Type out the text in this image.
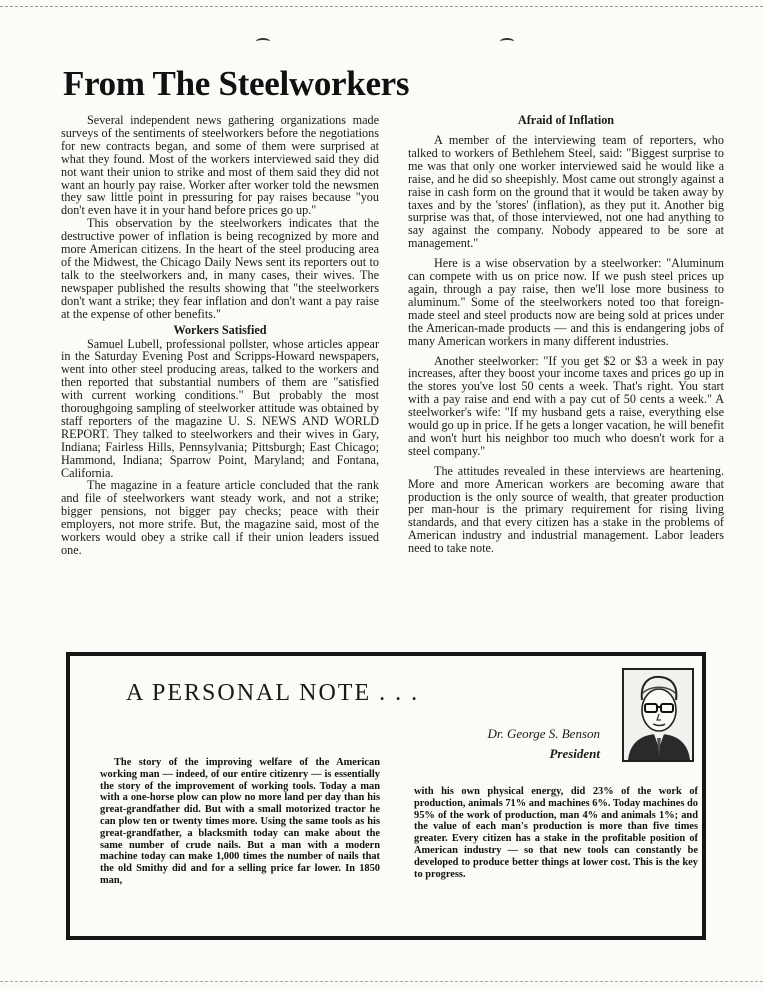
From The Steelworkers

Several independent news gathering organizations made surveys of the sentiments of steelworkers before the negotiations for new contracts began, and some of them were surprised at what they found. Most of the workers interviewed said they did not want their union to strike and most of them said they did not want an hourly pay raise. Worker after worker told the newsmen they saw little point in pressuring for pay raises because "you don't even have it in your hand before prices go up."

This observation by the steelworkers indicates that the destructive power of inflation is being recognized by more and more American citizens. In the heart of the steel producing area of the Midwest, the Chicago Daily News sent its reporters out to talk to the steelworkers and, in many cases, their wives. The newspaper published the results showing that "the steelworkers don't want a strike; they fear inflation and don't want a pay raise at the expense of other benefits."

Workers Satisfied

Samuel Lubell, professional pollster, whose articles appear in the Saturday Evening Post and Scripps-Howard newspapers, went into other steel producing areas, talked to the workers and then reported that substantial numbers of them are "satisfied with current working conditions." But probably the most thoroughgoing sampling of steelworker attitude was obtained by staff reporters of the magazine U. S. NEWS AND WORLD REPORT. They talked to steelworkers and their wives in Gary, Indiana; Fairless Hills, Pennsylvania; Pittsburgh; East Chicago; Hammond, Indiana; Sparrow Point, Maryland; and Fontana, California.

The magazine in a feature article concluded that the rank and file of steelworkers want steady work, and not a strike; bigger pensions, not bigger pay checks; peace with their employers, not more strife. But, the magazine said, most of the workers would obey a strike call if their union leaders issued one.

Afraid of Inflation

A member of the interviewing team of reporters, who talked to workers of Bethlehem Steel, said: "Biggest surprise to me was that only one worker interviewed said he would like a raise, and he did so sheepishly. Most came out strongly against a raise in cash form on the ground that it would be taken away by taxes and by the 'stores' (inflation), as they put it. Another big surprise was that, of those interviewed, not one had anything to say against the company. Nobody appeared to be sore at management."

Here is a wise observation by a steelworker: "Aluminum can compete with us on price now. If we push steel prices up again, through a pay raise, then we'll lose more business to aluminum." Some of the steelworkers noted too that foreign-made steel and steel products now are being sold at prices under the American-made products — and this is endangering jobs of many American workers in many different industries.

Another steelworker: "If you get $2 or $3 a week in pay increases, after they boost your income taxes and prices go up in the stores you've lost 50 cents a week. That's right. You start with a pay raise and end with a pay cut of 50 cents a week." A steelworker's wife: "If my husband gets a raise, everything else would go up in price. If he gets a longer vacation, he will benefit and won't hurt his neighbor too much who doesn't work for a steel company."

The attitudes revealed in these interviews are heartening. More and more American workers are becoming aware that production is the only source of wealth, that greater production per man-hour is the primary requirement for rising living standards, and that every citizen has a stake in the problems of American industry and industrial management. Labor leaders need to take note.

A PERSONAL NOTE . . .
Dr. George S. Benson
President

The story of the improving welfare of the American working man — indeed, of our entire citizenry — is essentially the story of the improvement of working tools. Today a man with a one-horse plow can plow no more land per day than his great-grandfather did. But with a small motorized tractor he can plow ten or twenty times more. Using the same tools as his great-grandfather, a blacksmith today can make about the same number of crude nails. But a man with a modern machine today can make 1,000 times the number of nails that the old Smithy did and for a selling price far lower. In 1850 man,

with his own physical energy, did 23% of the work of production, animals 71% and machines 6%. Today machines do 95% of the work of production, man 4% and animals 1%; and the value of each man's production is more than five times greater. Every citizen has a stake in the profitable position of American industry — so that new tools can constantly be developed to produce better things at lower cost. This is the key to progress.
